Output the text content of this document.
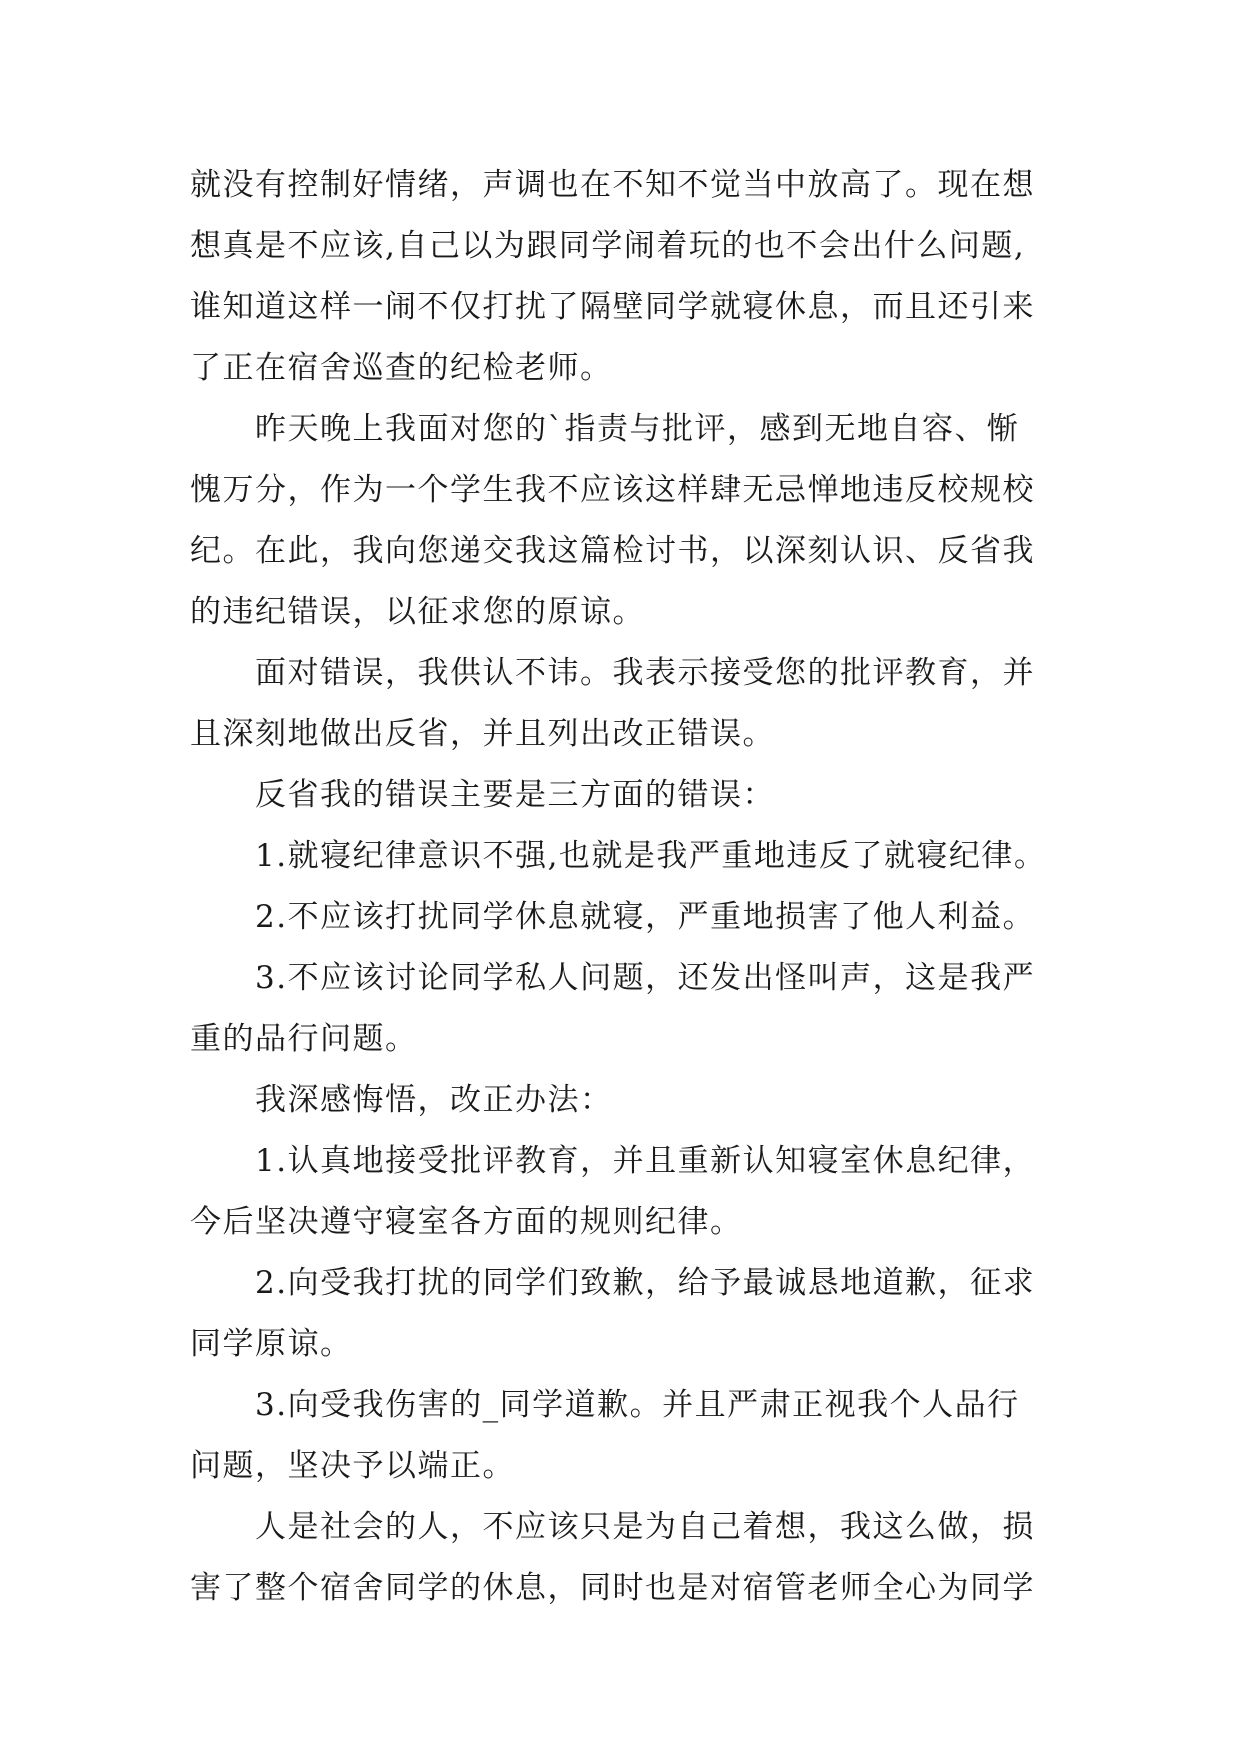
就没有控制好情绪，声调也在不知不觉当中放高了。现在想
想真是不应该,自己以为跟同学闹着玩的也不会出什么问题,
谁知道这样一闹不仅打扰了隔壁同学就寝休息，而且还引来
了正在宿舍巡查的纪检老师。
昨天晚上我面对您的`指责与批评，感到无地自容、惭
愧万分，作为一个学生我不应该这样肆无忌惮地违反校规校
纪。在此，我向您递交我这篇检讨书，以深刻认识、反省我
的违纪错误，以征求您的原谅。
面对错误，我供认不讳。我表示接受您的批评教育，并
且深刻地做出反省，并且列出改正错误。
反省我的错误主要是三方面的错误：
1.就寝纪律意识不强,也就是我严重地违反了就寝纪律。
2.不应该打扰同学休息就寝，严重地损害了他人利益。
3.不应该讨论同学私人问题，还发出怪叫声，这是我严
重的品行问题。
我深感悔悟，改正办法：
1.认真地接受批评教育，并且重新认知寝室休息纪律，
今后坚决遵守寝室各方面的规则纪律。
2.向受我打扰的同学们致歉，给予最诚恳地道歉，征求
同学原谅。
3.向受我伤害的_同学道歉。并且严肃正视我个人品行
问题，坚决予以端正。
人是社会的人，不应该只是为自己着想，我这么做，损
害了整个宿舍同学的休息，同时也是对宿管老师全心为同学
